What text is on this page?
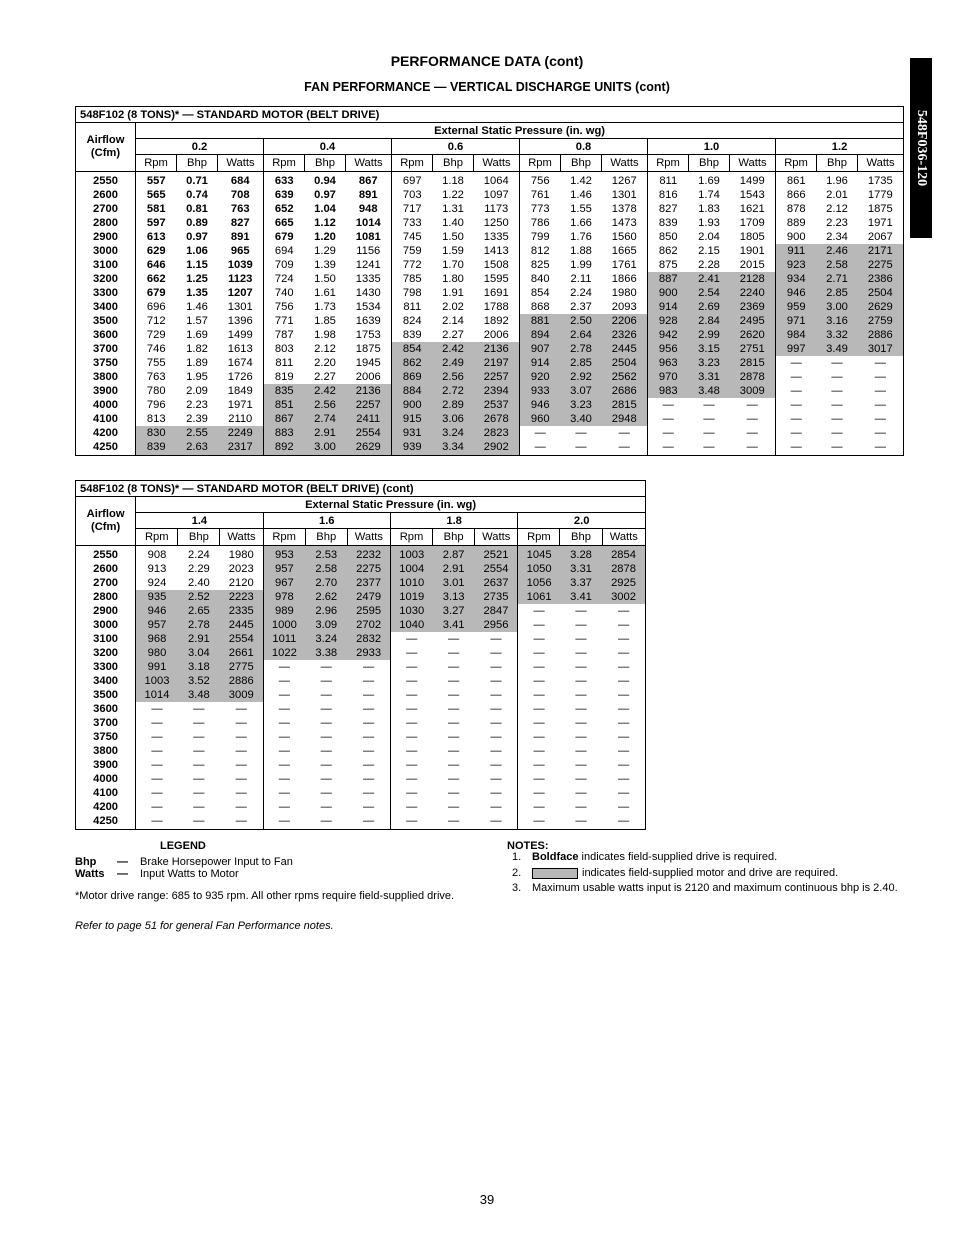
PERFORMANCE DATA (cont)
FAN PERFORMANCE — VERTICAL DISCHARGE UNITS (cont)
548F036-120
548F102 (8 TONS)* — STANDARD MOTOR (BELT DRIVE)																		

Airflow
(Cfm)	External Static Pressure (in. wg)																	
	0.2			0.4			0.6			0.8			1.0			1.2		
	Rpm	Bhp	Watts	Rpm	Bhp	Watts	Rpm	Bhp	Watts	Rpm	Bhp	Watts	Rpm	Bhp	Watts	Rpm	Bhp	Watts
2550	557	0.71	684	633	0.94	867	697	1.18	1064	756	1.42	1267	811	1.69	1499	861	1.96	1735
2600	565	0.74	708	639	0.97	891	703	1.22	1097	761	1.46	1301	816	1.74	1543	866	2.01	1779
2700	581	0.81	763	652	1.04	948	717	1.31	1173	773	1.55	1378	827	1.83	1621	878	2.12	1875
2800	597	0.89	827	665	1.12	1014	733	1.40	1250	786	1.66	1473	839	1.93	1709	889	2.23	1971
2900	613	0.97	891	679	1.20	1081	745	1.50	1335	799	1.76	1560	850	2.04	1805	900	2.34	2067
3000	629	1.06	965	694	1.29	1156	759	1.59	1413	812	1.88	1665	862	2.15	1901	911	2.46	2171
3100	646	1.15	1039	709	1.39	1241	772	1.70	1508	825	1.99	1761	875	2.28	2015	923	2.58	2275
3200	662	1.25	1123	724	1.50	1335	785	1.80	1595	840	2.11	1866	887	2.41	2128	934	2.71	2386
3300	679	1.35	1207	740	1.61	1430	798	1.91	1691	854	2.24	1980	900	2.54	2240	946	2.85	2504
3400	696	1.46	1301	756	1.73	1534	811	2.02	1788	868	2.37	2093	914	2.69	2369	959	3.00	2629
3500	712	1.57	1396	771	1.85	1639	824	2.14	1892	881	2.50	2206	928	2.84	2495	971	3.16	2759
3600	729	1.69	1499	787	1.98	1753	839	2.27	2006	894	2.64	2326	942	2.99	2620	984	3.32	2886
3700	746	1.82	1613	803	2.12	1875	854	2.42	2136	907	2.78	2445	956	3.15	2751	997	3.49	3017
3750	755	1.89	1674	811	2.20	1945	862	2.49	2197	914	2.85	2504	963	3.23	2815	—	—	—
3800	763	1.95	1726	819	2.27	2006	869	2.56	2257	920	2.92	2562	970	3.31	2878	—	—	—
3900	780	2.09	1849	835	2.42	2136	884	2.72	2394	933	3.07	2686	983	3.48	3009	—	—	—
4000	796	2.23	1971	851	2.56	2257	900	2.89	2537	946	3.23	2815	—	—	—	—	—	—
4100	813	2.39	2110	867	2.74	2411	915	3.06	2678	960	3.40	2948	—	—	—	—	—	—
4200	830	2.55	2249	883	2.91	2554	931	3.24	2823	—	—	—	—	—	—	—	—	—
4250	839	2.63	2317	892	3.00	2629	939	3.34	2902	—	—	—	—	—	—	—	—	—
548F102 (8 TONS)* — STANDARD MOTOR (BELT DRIVE) (cont)												

Airflow
(Cfm)	External Static Pressure (in. wg)											
	1.4			1.6			1.8			2.0		
	Rpm	Bhp	Watts	Rpm	Bhp	Watts	Rpm	Bhp	Watts	Rpm	Bhp	Watts
2550	908	2.24	1980	953	2.53	2232	1003	2.87	2521	1045	3.28	2854
2600	913	2.29	2023	957	2.58	2275	1004	2.91	2554	1050	3.31	2878
2700	924	2.40	2120	967	2.70	2377	1010	3.01	2637	1056	3.37	2925
2800	935	2.52	2223	978	2.62	2479	1019	3.13	2735	1061	3.41	3002
2900	946	2.65	2335	989	2.96	2595	1030	3.27	2847	—	—	—
3000	957	2.78	2445	1000	3.09	2702	1040	3.41	2956	—	—	—
3100	968	2.91	2554	1011	3.24	2832	—	—	—	—	—	—
3200	980	3.04	2661	1022	3.38	2933	—	—	—	—	—	—
3300	991	3.18	2775	—	—	—	—	—	—	—	—	—
3400	1003	3.52	2886	—	—	—	—	—	—	—	—	—
3500	1014	3.48	3009	—	—	—	—	—	—	—	—	—
3600	—	—	—	—	—	—	—	—	—	—	—	—
3700	—	—	—	—	—	—	—	—	—	—	—	—
3750	—	—	—	—	—	—	—	—	—	—	—	—
3800	—	—	—	—	—	—	—	—	—	—	—	—
3900	—	—	—	—	—	—	—	—	—	—	—	—
4000	—	—	—	—	—	—	—	—	—	—	—	—
4100	—	—	—	—	—	—	—	—	—	—	—	—
4200	—	—	—	—	—	—	—	—	—	—	—	—
4250	—	—	—	—	—	—	—	—	—	—	—	—
LEGEND
Bhp — Brake Horsepower Input to Fan
Watts — Input Watts to Motor
*Motor drive range: 685 to 935 rpm. All other rpms require field-supplied drive.
Refer to page 51 for general Fan Performance notes.
NOTES:
1. Boldface indicates field-supplied drive is required.
2.	indicates field-supplied motor and drive are required.
3. Maximum usable watts input is 2120 and maximum continuous bhp is 2.40.
39
